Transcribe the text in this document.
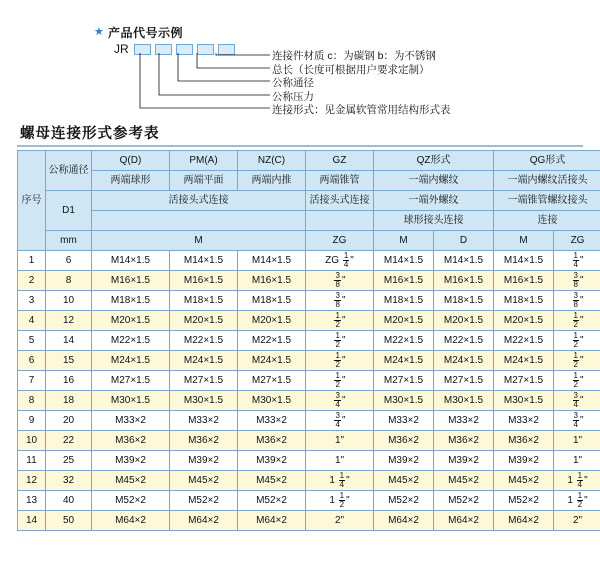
★ 产品代号示例
JR	连接件材质 c：为碳钢 b：为不锈钢
总长（长度可根据用户要求定制）
公称通径
公称压力
连接形式：见金属软管常用结构形式表
螺母连接形式参考表
序号	公称通径	Q(D)	PM(A)	NZ(C)	GZ	QZ形式		QG形式	
		两端球形	两端平面	两端内推	两端锥管	一端内螺纹		一端内螺纹活接头	
	D1	活接头式连接			活接头式连接	一端外螺纹		一端锥管螺纹接头	
						球形接头连接		连接	
	mm	M			ZG	M	D	M	ZG
1	6	M14×1.5	M14×1.5	M14×1.5	ZG $\frac{1}{4}$ "	M14×1.5	M14×1.5	M14×1.5	$\frac{1}{4}$ "
2	8	M16×1.5	M16×1.5	M16×1.5	$\frac{3}{8}$ "	M16×1.5	M16×1.5	M16×1.5	$\frac{3}{8}$ "
3	10	M18×1.5	M18×1.5	M18×1.5	$\frac{3}{8}$ "	M18×1.5	M18×1.5	M18×1.5	$\frac{3}{8}$ "
4	12	M20×1.5	M20×1.5	M20×1.5	$\frac{1}{2}$ "	M20×1.5	M20×1.5	M20×1.5	$\frac{1}{2}$ "
5	14	M22×1.5	M22×1.5	M22×1.5	$\frac{1}{2}$ "	M22×1.5	M22×1.5	M22×1.5	$\frac{1}{2}$ "
6	15	M24×1.5	M24×1.5	M24×1.5	$\frac{1}{2}$ "	M24×1.5	M24×1.5	M24×1.5	$\frac{1}{2}$ "
7	16	M27×1.5	M27×1.5	M27×1.5	$\frac{1}{2}$ "	M27×1.5	M27×1.5	M27×1.5	$\frac{1}{2}$ "
8	18	M30×1.5	M30×1.5	M30×1.5	$\frac{3}{4}$ "	M30×1.5	M30×1.5	M30×1.5	$\frac{3}{4}$ "
9	20	M33×2	M33×2	M33×2	$\frac{3}{4}$ "	M33×2	M33×2	M33×2	$\frac{3}{4}$ "
10	22	M36×2	M36×2	M36×2	1"	M36×2	M36×2	M36×2	1"
11	25	M39×2	M39×2	M39×2	1"	M39×2	M39×2	M39×2	1"
12	32	M45×2	M45×2	M45×2	$1 \frac{1}{4}$ "	M45×2	M45×2	M45×2	$1 \frac{1}{4}$ "
13	40	M52×2	M52×2	M52×2	$1 \frac{1}{2}$ "	M52×2	M52×2	M52×2	$1 \frac{1}{2}$ "
14	50	M64×2	M64×2	M64×2	2"	M64×2	M64×2	M64×2	2"
